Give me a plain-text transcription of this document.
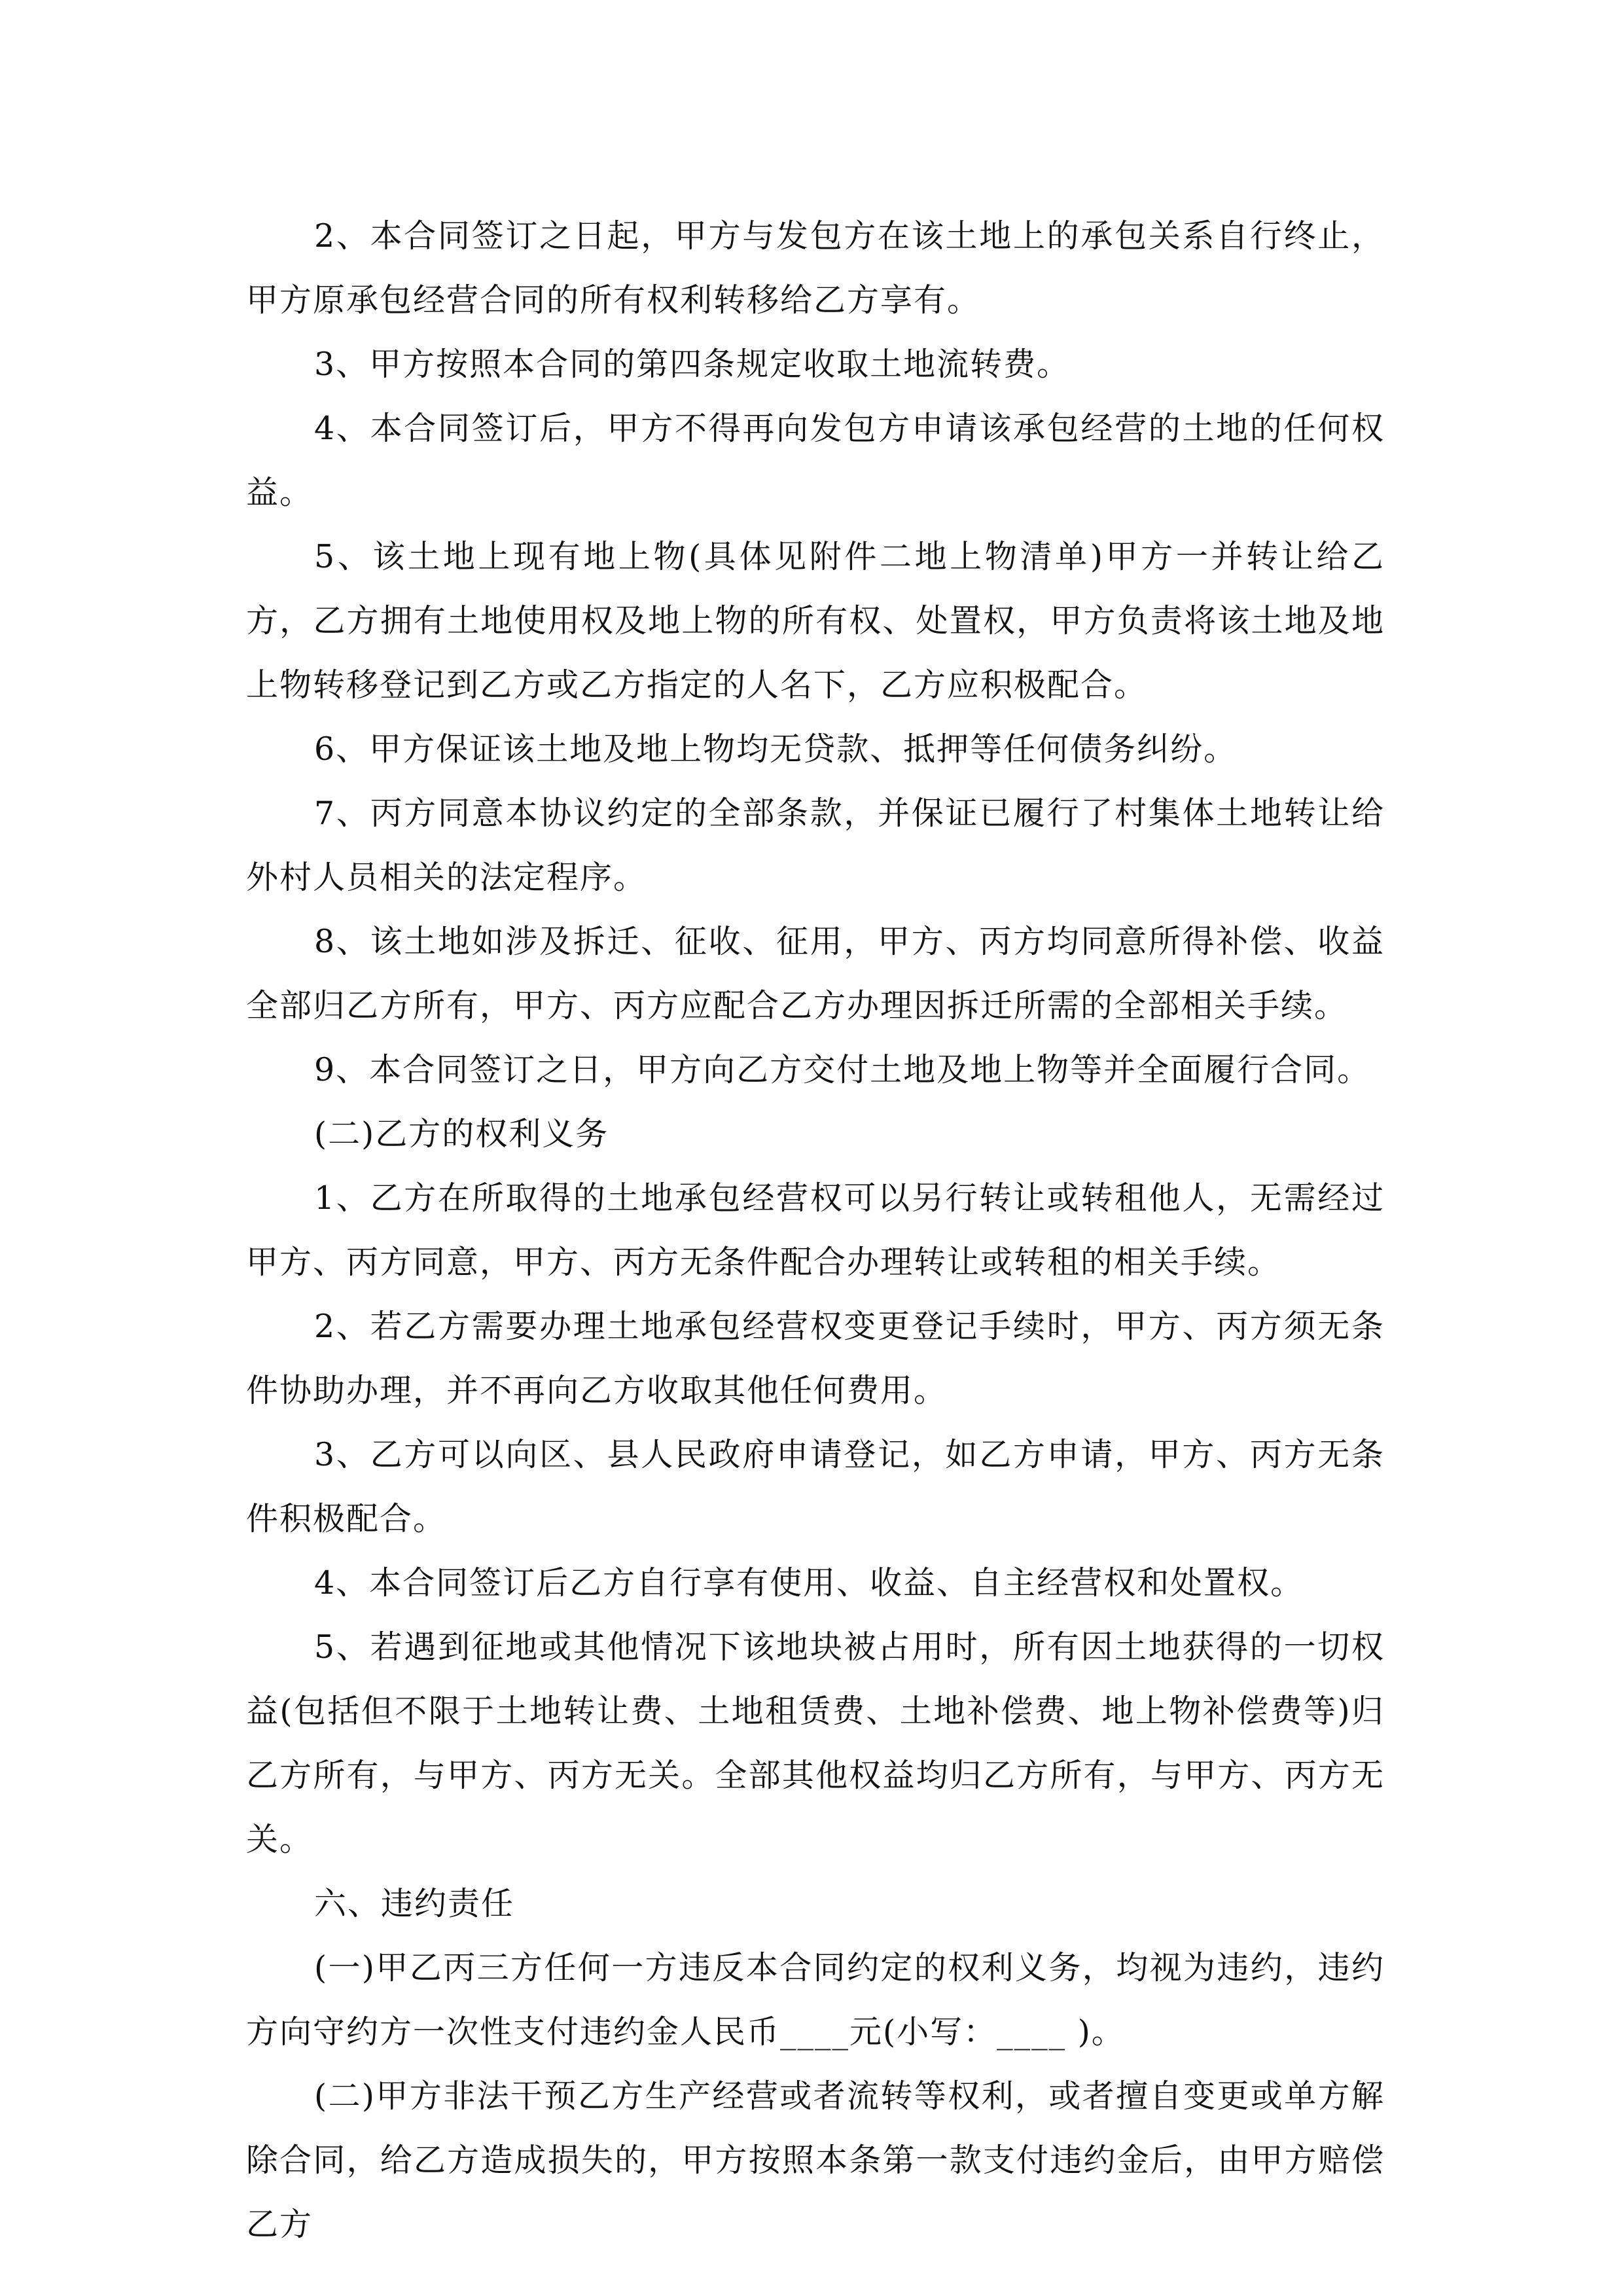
2、本合同签订之日起，甲方与发包方在该土地上的承包关系自行终止，甲方原承包经营合同的所有权利转移给乙方享有。

3、甲方按照本合同的第四条规定收取土地流转费。

4、本合同签订后，甲方不得再向发包方申请该承包经营的土地的任何权益。

5、该土地上现有地上物(具体见附件二地上物清单)甲方一并转让给乙方，乙方拥有土地使用权及地上物的所有权、处置权，甲方负责将该土地及地上物转移登记到乙方或乙方指定的人名下，乙方应积极配合。

6、甲方保证该土地及地上物均无贷款、抵押等任何债务纠纷。

7、丙方同意本协议约定的全部条款，并保证已履行了村集体土地转让给外村人员相关的法定程序。

8、该土地如涉及拆迁、征收、征用，甲方、丙方均同意所得补偿、收益全部归乙方所有，甲方、丙方应配合乙方办理因拆迁所需的全部相关手续。

9、本合同签订之日，甲方向乙方交付土地及地上物等并全面履行合同。

(二)乙方的权利义务

1、乙方在所取得的土地承包经营权可以另行转让或转租他人，无需经过甲方、丙方同意，甲方、丙方无条件配合办理转让或转租的相关手续。

2、若乙方需要办理土地承包经营权变更登记手续时，甲方、丙方须无条件协助办理，并不再向乙方收取其他任何费用。

3、乙方可以向区、县人民政府申请登记，如乙方申请，甲方、丙方无条件积极配合。

4、本合同签订后乙方自行享有使用、收益、自主经营权和处置权。

5、若遇到征地或其他情况下该地块被占用时，所有因土地获得的一切权益(包括但不限于土地转让费、土地租赁费、土地补偿费、地上物补偿费等)归乙方所有，与甲方、丙方无关。全部其他权益均归乙方所有，与甲方、丙方无关。

六、违约责任

(一)甲乙丙三方任何一方违反本合同约定的权利义务，均视为违约，违约方向守约方一次性支付违约金人民币____元(小写：____ )。

(二)甲方非法干预乙方生产经营或者流转等权利，或者擅自变更或单方解除合同，给乙方造成损失的，甲方按照本条第一款支付违约金后，由甲方赔偿乙方
